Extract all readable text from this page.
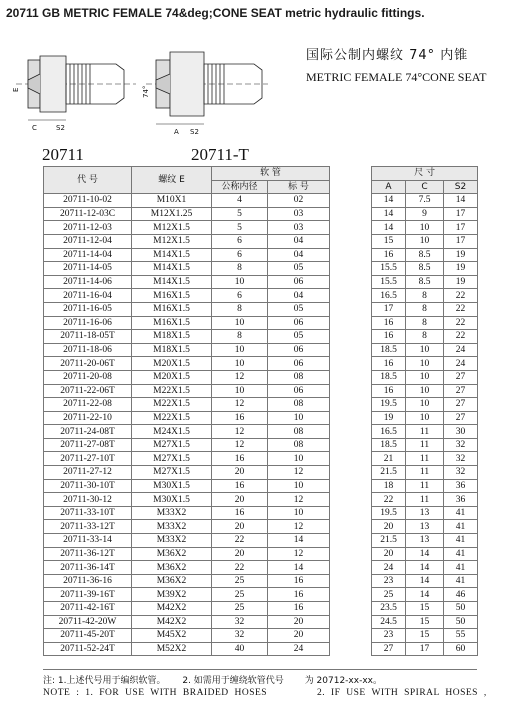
20711 GB METRIC FEMALE 74&deg;CONE SEAT metric hydraulic fittings.
C	S2
E
A S2
74°
国际公制内螺纹 74° 内锥
METRIC FEMALE 74°CONE SEAT
20711	20711-T
代 号	螺纹 E	软 管			尺 寸		
		公称内径	标 号		A	C	S2
20711-10-02	M10X1	4	02		14	7.5	14
20711-12-03C	M12X1.25	5	03		14	9	17
20711-12-03	M12X1.5	5	03		14	10	17
20711-12-04	M12X1.5	6	04		15	10	17
20711-14-04	M14X1.5	6	04		16	8.5	19
20711-14-05	M14X1.5	8	05		15.5	8.5	19
20711-14-06	M14X1.5	10	06		15.5	8.5	19
20711-16-04	M16X1.5	6	04		16.5	8	22
20711-16-05	M16X1.5	8	05		17	8	22
20711-16-06	M16X1.5	10	06		16	8	22
20711-18-05T	M18X1.5	8	05		16	8	22
20711-18-06	M18X1.5	10	06		18.5	10	24
20711-20-06T	M20X1.5	10	06		16	10	24
20711-20-08	M20X1.5	12	08		18.5	10	27
20711-22-06T	M22X1.5	10	06		16	10	27
20711-22-08	M22X1.5	12	08		19.5	10	27
20711-22-10	M22X1.5	16	10		19	10	27
20711-24-08T	M24X1.5	12	08		16.5	11	30
20711-27-08T	M27X1.5	12	08		18.5	11	32
20711-27-10T	M27X1.5	16	10		21	11	32
20711-27-12	M27X1.5	20	12		21.5	11	32
20711-30-10T	M30X1.5	16	10		18	11	36
20711-30-12	M30X1.5	20	12		22	11	36
20711-33-10T	M33X2	16	10		19.5	13	41
20711-33-12T	M33X2	20	12		20	13	41
20711-33-14	M33X2	22	14		21.5	13	41
20711-36-12T	M36X2	20	12		20	14	41
20711-36-14T	M36X2	22	14		24	14	41
20711-36-16	M36X2	25	16		23	14	41
20711-39-16T	M39X2	25	16		25	14	46
20711-42-16T	M42X2	25	16		23.5	15	50
20711-42-20W	M42X2	32	20		24.5	15	50
20711-45-20T	M45X2	32	20		23	15	55
20711-52-24T	M52X2	40	24		27	17	60
注: 1.上述代号用于编织软管。 2. 如需用于缠绕软管代号 为 20712-xx-xx。
NOTE : 1. FOR USE WITH BRAIDED HOSES	2. IF USE WITH SPIRAL HOSES ,
